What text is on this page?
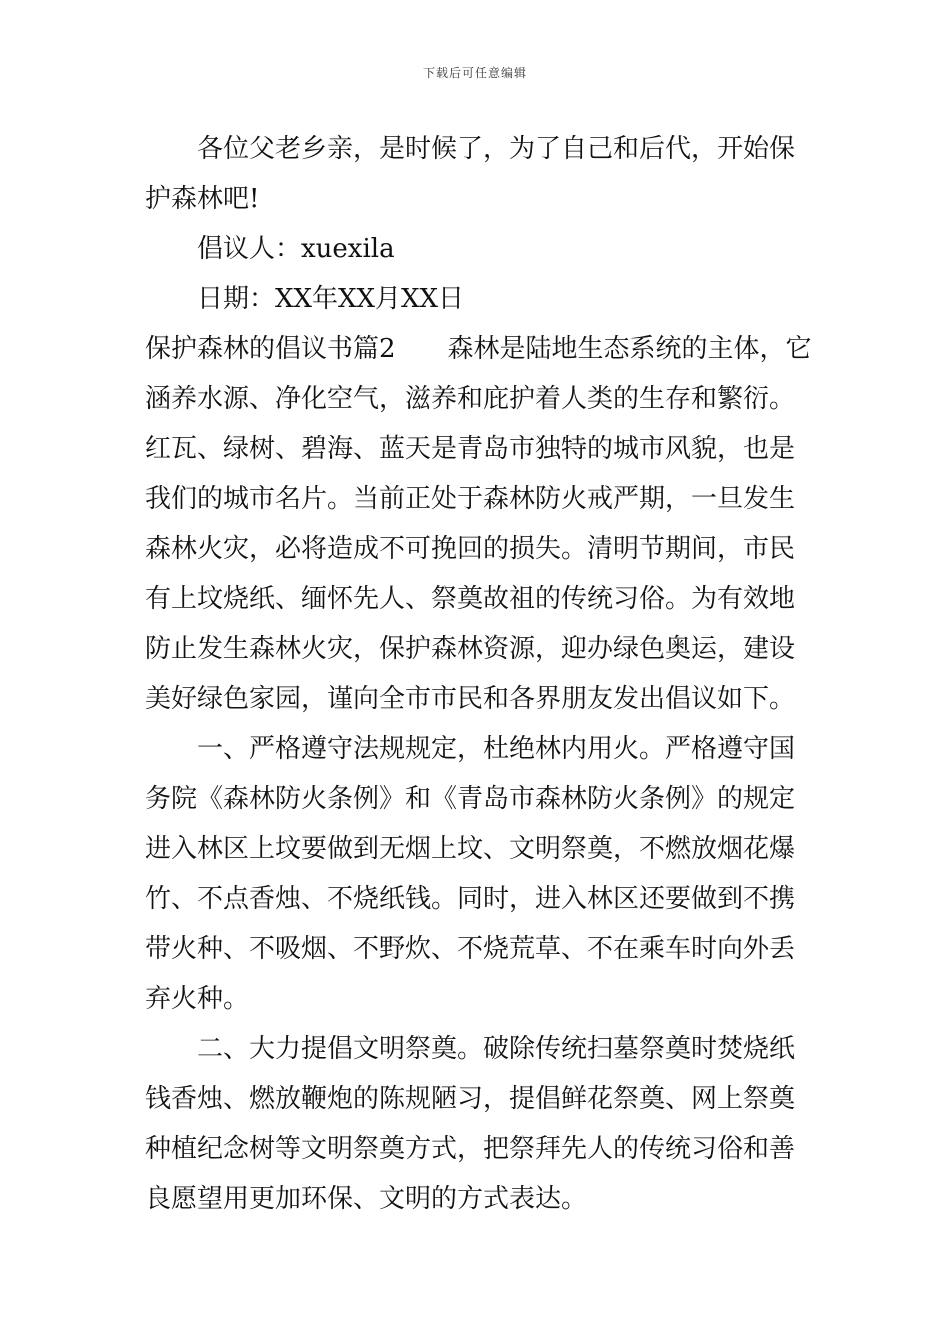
下载后可任意编辑
各位父老乡亲，是时候了，为了自己和后代，开始保
护森林吧!
倡议人：xuexila
日期：XX年XX月XX日
保护森林的倡议书篇2　　森林是陆地生态系统的主体，它
涵养水源、净化空气，滋养和庇护着人类的生存和繁衍。
红瓦、绿树、碧海、蓝天是青岛市独特的城市风貌，也是
我们的城市名片。当前正处于森林防火戒严期，一旦发生
森林火灾，必将造成不可挽回的损失。清明节期间，市民
有上坟烧纸、缅怀先人、祭奠故祖的传统习俗。为有效地
防止发生森林火灾，保护森林资源，迎办绿色奥运，建设
美好绿色家园，谨向全市市民和各界朋友发出倡议如下。
一、严格遵守法规规定，杜绝林内用火。严格遵守国
务院《森林防火条例》和《青岛市森林防火条例》的规定
进入林区上坟要做到无烟上坟、文明祭奠，不燃放烟花爆
竹、不点香烛、不烧纸钱。同时，进入林区还要做到不携
带火种、不吸烟、不野炊、不烧荒草、不在乘车时向外丢
弃火种。
二、大力提倡文明祭奠。破除传统扫墓祭奠时焚烧纸
钱香烛、燃放鞭炮的陈规陋习，提倡鲜花祭奠、网上祭奠
种植纪念树等文明祭奠方式，把祭拜先人的传统习俗和善
良愿望用更加环保、文明的方式表达。
